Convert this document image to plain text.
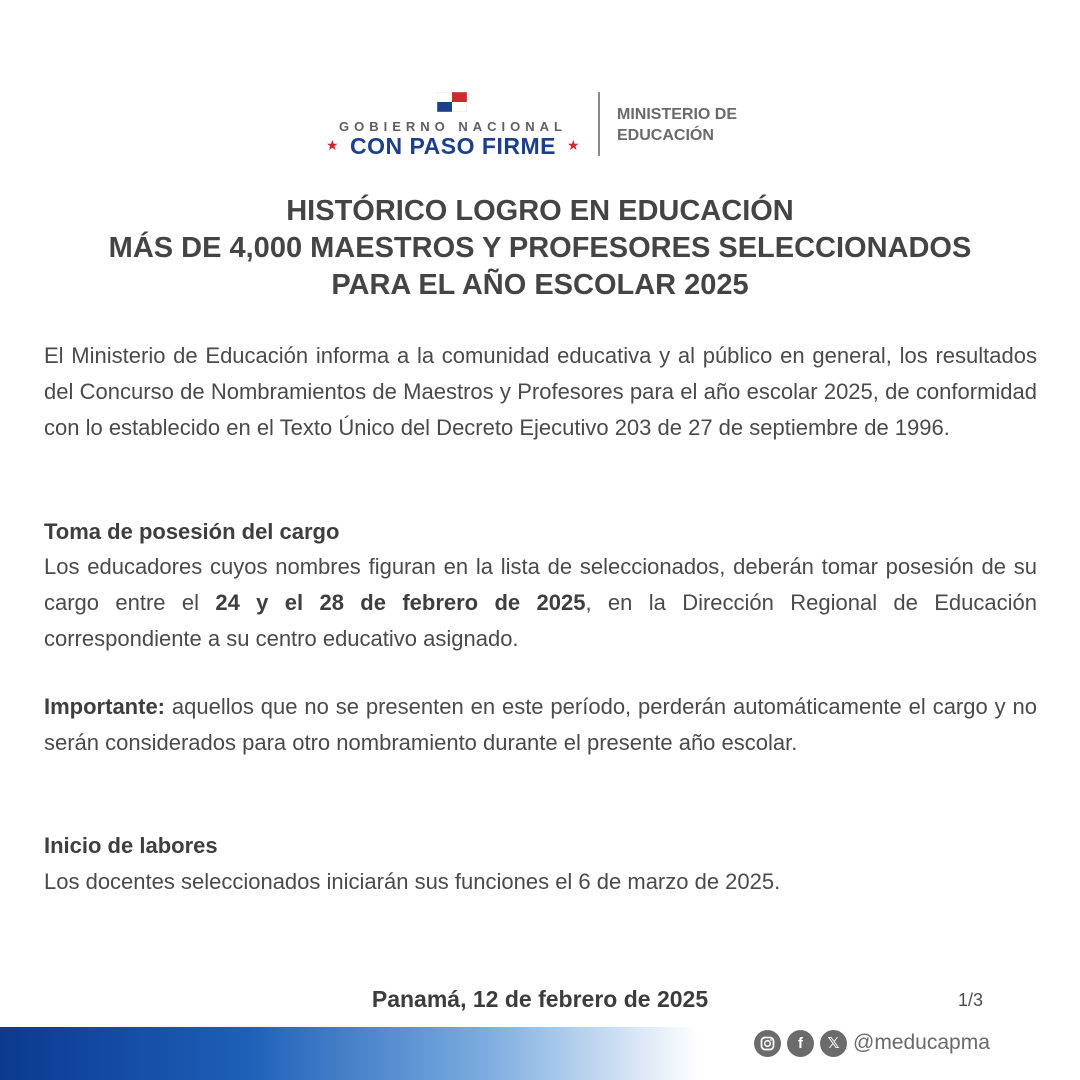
GOBIERNO NACIONAL
★ CON PASO FIRME ★
MINISTERIO DE
EDUCACIÓN
HISTÓRICO LOGRO EN EDUCACIÓN
MÁS DE 4,000 MAESTROS Y PROFESORES SELECCIONADOS
PARA EL AÑO ESCOLAR 2025
El Ministerio de Educación informa a la comunidad educativa y al público en general, los resultados del Concurso de Nombramientos de Maestros y Profesores para el año escolar 2025, de conformidad con lo establecido en el Texto Único del Decreto Ejecutivo 203 de 27 de septiembre de 1996.
Toma de posesión del cargo
Los educadores cuyos nombres figuran en la lista de seleccionados, deberán tomar posesión de su cargo entre el 24 y el 28 de febrero de 2025, en la Dirección Regional de Educación correspondiente a su centro educativo asignado.
Importante: aquellos que no se presenten en este período, perderán automáticamente el cargo y no serán considerados para otro nombramiento durante el presente año escolar.
Inicio de labores
Los docentes seleccionados iniciarán sus funciones el 6 de marzo de 2025.
Panamá, 12 de febrero de 2025	1/3
f	𝕏 @meducapma
